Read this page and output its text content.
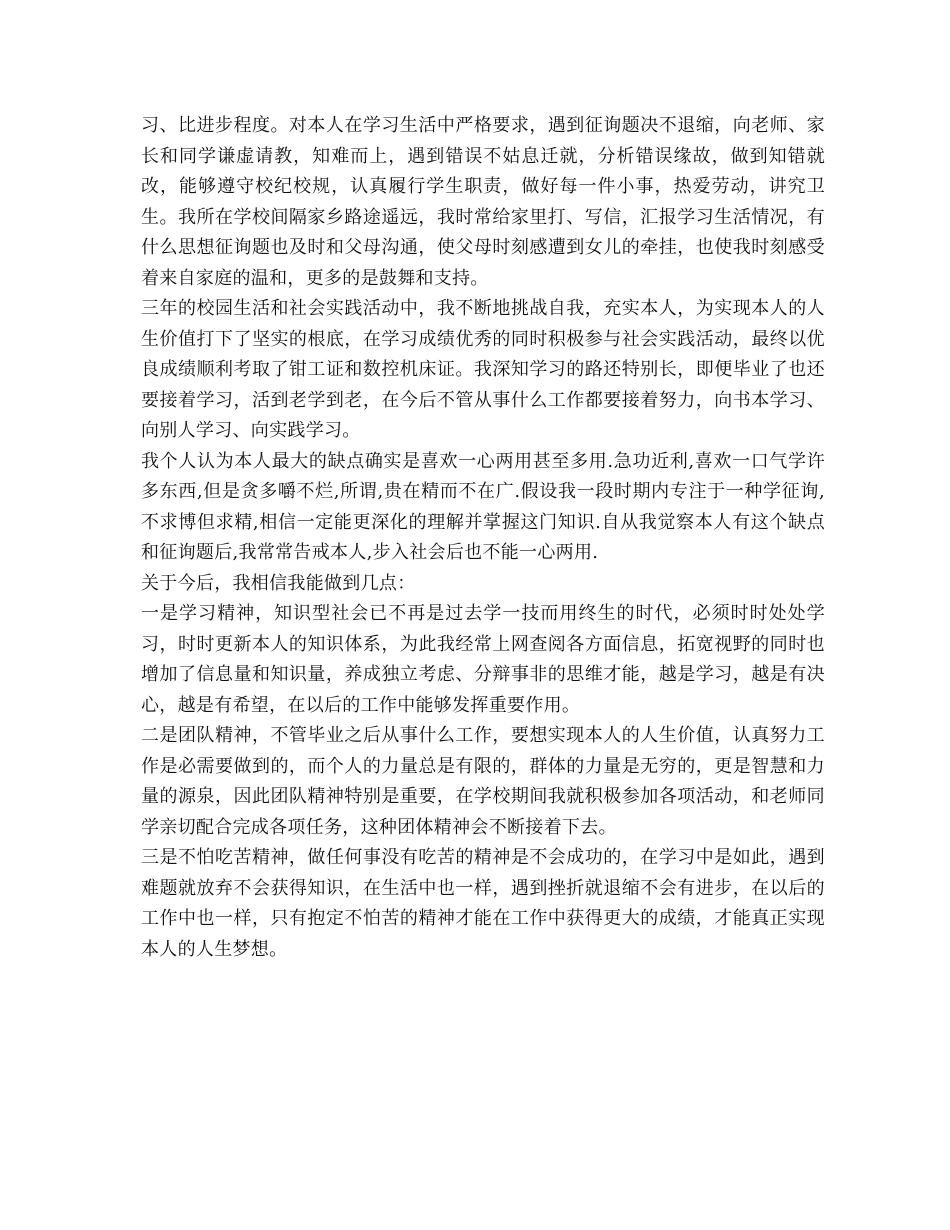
习、比进步程度。对本人在学习生活中严格要求，遇到征询题决不退缩，向老师、家长和同学谦虚请教，知难而上，遇到错误不姑息迁就，分析错误缘故，做到知错就改，能够遵守校纪校规，认真履行学生职责，做好每一件小事，热爱劳动，讲究卫生。我所在学校间隔家乡路途遥远，我时常给家里打、写信，汇报学习生活情况，有什么思想征询题也及时和父母沟通，使父母时刻感遭到女儿的牵挂，也使我时刻感受着来自家庭的温和，更多的是鼓舞和支持。

三年的校园生活和社会实践活动中，我不断地挑战自我，充实本人，为实现本人的人生价值打下了坚实的根底，在学习成绩优秀的同时积极参与社会实践活动，最终以优良成绩顺利考取了钳工证和数控机床证。我深知学习的路还特别长，即便毕业了也还要接着学习，活到老学到老，在今后不管从事什么工作都要接着努力，向书本学习、向别人学习、向实践学习。

我个人认为本人最大的缺点确实是喜欢一心两用甚至多用.急功近利,喜欢一口气学许多东西,但是贪多嚼不烂,所谓,贵在精而不在广.假设我一段时期内专注于一种学征询,不求博但求精,相信一定能更深化的理解并掌握这门知识.自从我觉察本人有这个缺点和征询题后,我常常告戒本人,步入社会后也不能一心两用.

关于今后，我相信我能做到几点：

一是学习精神，知识型社会已不再是过去学一技而用终生的时代，必须时时处处学习，时时更新本人的知识体系，为此我经常上网查阅各方面信息，拓宽视野的同时也增加了信息量和知识量，养成独立考虑、分辩事非的思维才能，越是学习，越是有决心，越是有希望，在以后的工作中能够发挥重要作用。

二是团队精神，不管毕业之后从事什么工作，要想实现本人的人生价值，认真努力工作是必需要做到的，而个人的力量总是有限的，群体的力量是无穷的，更是智慧和力量的源泉，因此团队精神特别是重要，在学校期间我就积极参加各项活动，和老师同学亲切配合完成各项任务，这种团体精神会不断接着下去。

三是不怕吃苦精神，做任何事没有吃苦的精神是不会成功的，在学习中是如此，遇到难题就放弃不会获得知识，在生活中也一样，遇到挫折就退缩不会有进步，在以后的工作中也一样，只有抱定不怕苦的精神才能在工作中获得更大的成绩，才能真正实现本人的人生梦想。
